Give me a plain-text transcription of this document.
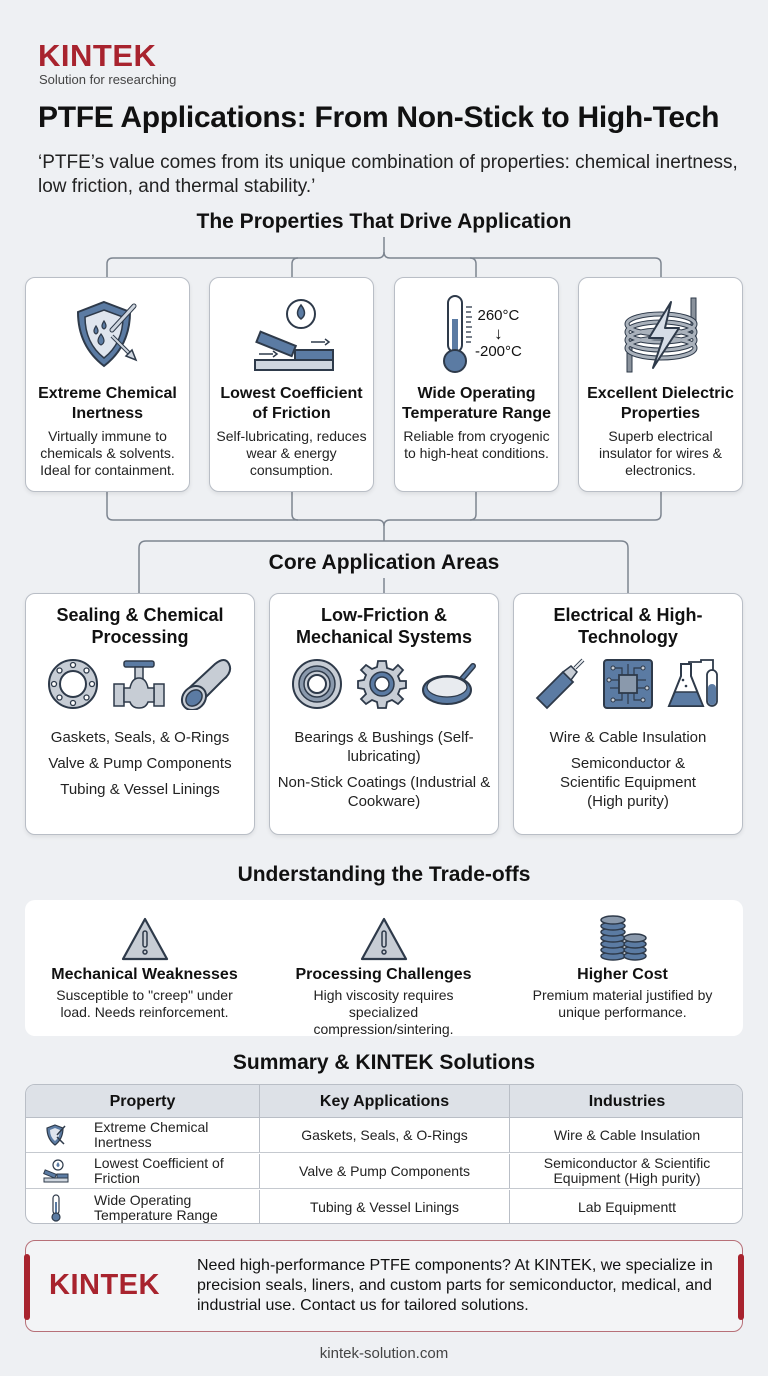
KINTEK
Solution for researching
PTFE Applications: From Non-Stick to High-Tech
‘PTFE’s value comes from its unique combination of properties: chemical inertness, low friction, and thermal stability.’
The Properties That Drive Application
Extreme Chemical Inertness
Virtually immune to chemicals & solvents. Ideal for containment.
Lowest Coefficient of Friction
Self-lubricating, reduces wear & energy consumption.
260°C
↓
-200°C
Wide Operating Temperature Range
Reliable from cryogenic to high-heat conditions.
Excellent Dielectric Properties
Superb electrical insulator for wires & electronics.
Core Application Areas
Sealing & Chemical Processing
Gaskets, Seals, & O-Rings
Valve & Pump Components
Tubing & Vessel Linings
Low-Friction & Mechanical Systems
Bearings & Bushings (Self-lubricating)
Non-Stick Coatings (Industrial & Cookware)
Electrical & High-Technology
Wire & Cable Insulation
Semiconductor & Scientific Equipment (High purity)
Understanding the Trade-offs
Mechanical Weaknesses
Susceptible to "creep" under load. Needs reinforcement.
Processing Challenges
High viscosity requires specialized compression/sintering.
Higher Cost
Premium material justified by unique performance.
Summary & KINTEK Solutions
Property	Key Applications	Industries
Extreme Chemical Inertness	Gaskets, Seals, & O-Rings	Wire & Cable Insulation
Lowest Coefficient of Friction	Valve & Pump Components	Semiconductor & Scientific Equipment (High purity)
Wide Operating Temperature Range	Tubing & Vessel Linings	Lab Equipmentt
KINTEK
Need high-performance PTFE components? At KINTEK, we specialize in precision seals, liners, and custom parts for semiconductor, medical, and industrial use. Contact us for tailored solutions.
kintek-solution.com
